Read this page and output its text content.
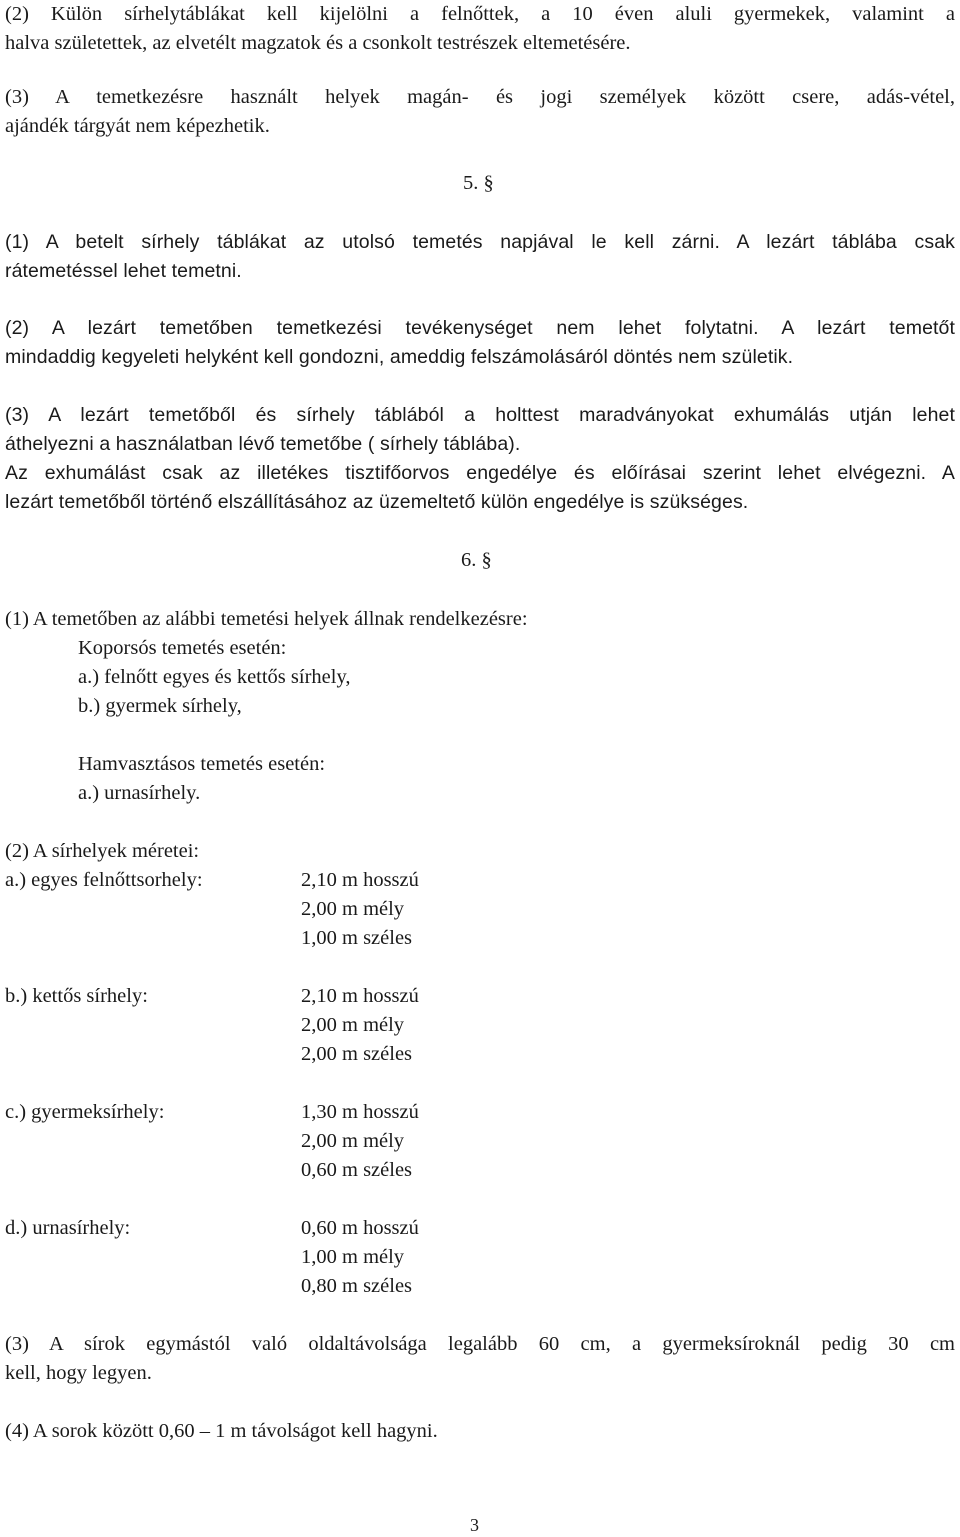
(2) Külön sírhelytáblákat kell kijelölni a felnőttek, a 10 éven aluli gyermekek, valamint a
halva születettek, az elvetélt magzatok és a csonkolt testrészek eltemetésére.
(3) A temetkezésre használt helyek magán- és jogi személyek között csere, adás-vétel,
ajándék tárgyát nem képezhetik.
5. §
(1) A betelt sírhely táblákat az utolsó temetés napjával le kell zárni. A lezárt táblába csak
rátemetéssel lehet temetni.
(2) A lezárt temetőben temetkezési tevékenységet nem lehet folytatni. A lezárt temetőt
mindaddig kegyeleti helyként kell gondozni, ameddig felszámolásáról döntés nem születik.
(3) A lezárt temetőből és sírhely táblából a holttest maradványokat exhumálás utján lehet
áthelyezni a használatban lévő temetőbe ( sírhely táblába).
Az exhumálást csak az illetékes tisztifőorvos engedélye és előírásai szerint lehet elvégezni. A
lezárt temetőből történő elszállításához az üzemeltető külön engedélye is szükséges.
6. §
(1) A temetőben az alábbi temetési helyek állnak rendelkezésre:
Koporsós temetés esetén:
a.) felnőtt egyes és kettős sírhely,
b.) gyermek sírhely,
Hamvasztásos temetés esetén:
a.) urnasírhely.
(2) A sírhelyek méretei:
a.) egyes felnőttsorhely:	2,10 m hosszú
2,00 m mély
1,00 m széles
b.) kettős sírhely:	2,10 m hosszú
2,00 m mély
2,00 m széles
c.) gyermeksírhely:	1,30 m hosszú
2,00 m mély
0,60 m széles
d.) urnasírhely:	0,60 m hosszú
1,00 m mély
0,80 m széles
(3) A sírok egymástól való oldaltávolsága legalább 60 cm, a gyermeksíroknál pedig 30 cm
kell, hogy legyen.
(4) A sorok között 0,60 – 1 m távolságot kell hagyni.
3
